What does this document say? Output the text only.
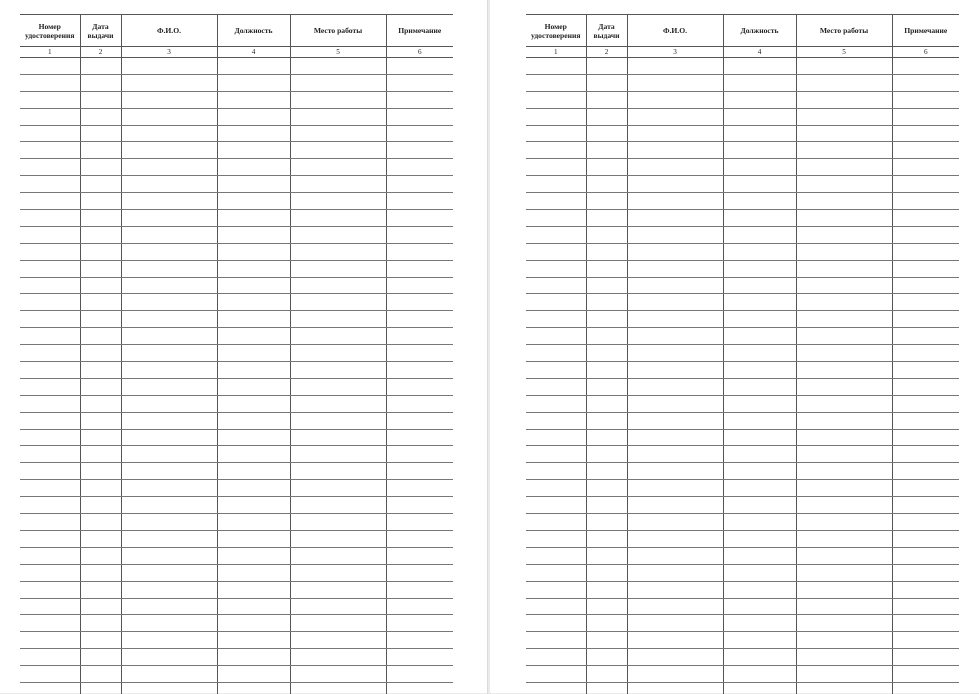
Номер удостоверения	Дата выдачи	Ф.И.О.	Должность	Место работы	Примечание
1	2	3	4	5	6

Номер удостоверения	Дата выдачи	Ф.И.О.	Должность	Место работы	Примечание
1	2	3	4	5	6
